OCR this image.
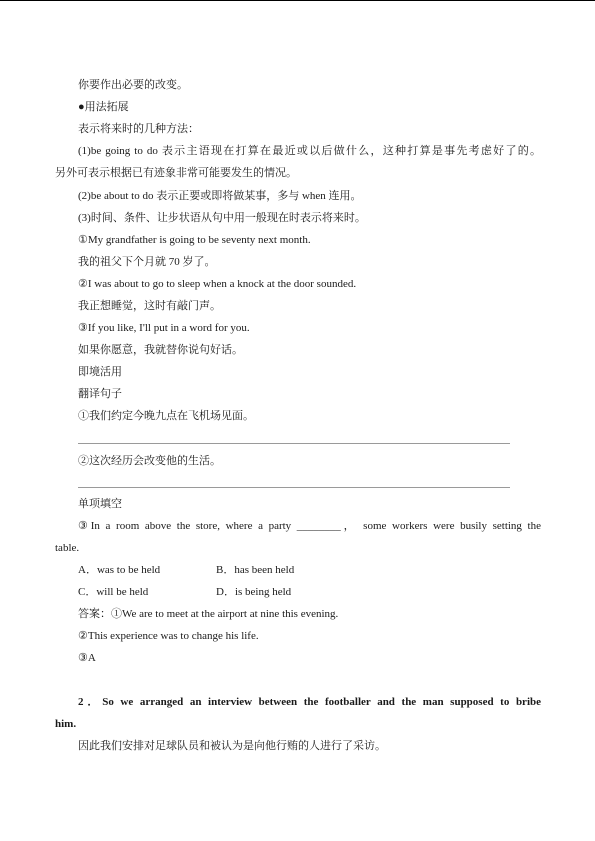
你要作出必要的改变。
●用法拓展
表示将来时的几种方法：
(1)be going to do 表示主语现在打算在最近或以后做什么，这种打算是事先考虑好了的。
另外可表示根据已有迹象非常可能要发生的情况。
(2)be about to do 表示正要或即将做某事，多与 when 连用。
(3)时间、条件、让步状语从句中用一般现在时表示将来时。
①My grandfather is going to be seventy next month.
我的祖父下个月就 70 岁了。
②I was about to go to sleep when a knock at the door sounded.
我正想睡觉，这时有敲门声。
③If you like, I'll put in a word for you.
如果你愿意，我就替你说句好话。
即境活用
翻译句子
①我们约定今晚九点在飞机场见面。
②这次经历会改变他的生活。
单项填空
③In a room above the store, where a party ________， some workers were busily setting the
table.
A．was to be held	B．has been held
C．will be held	D．is being held
答案：①We are to meet at the airport at nine this evening.
②This experience was to change his life.
③A
2．So we arranged an interview between the footballer and the man supposed to bribe
him.
因此我们安排对足球队员和被认为是向他行贿的人进行了采访。
